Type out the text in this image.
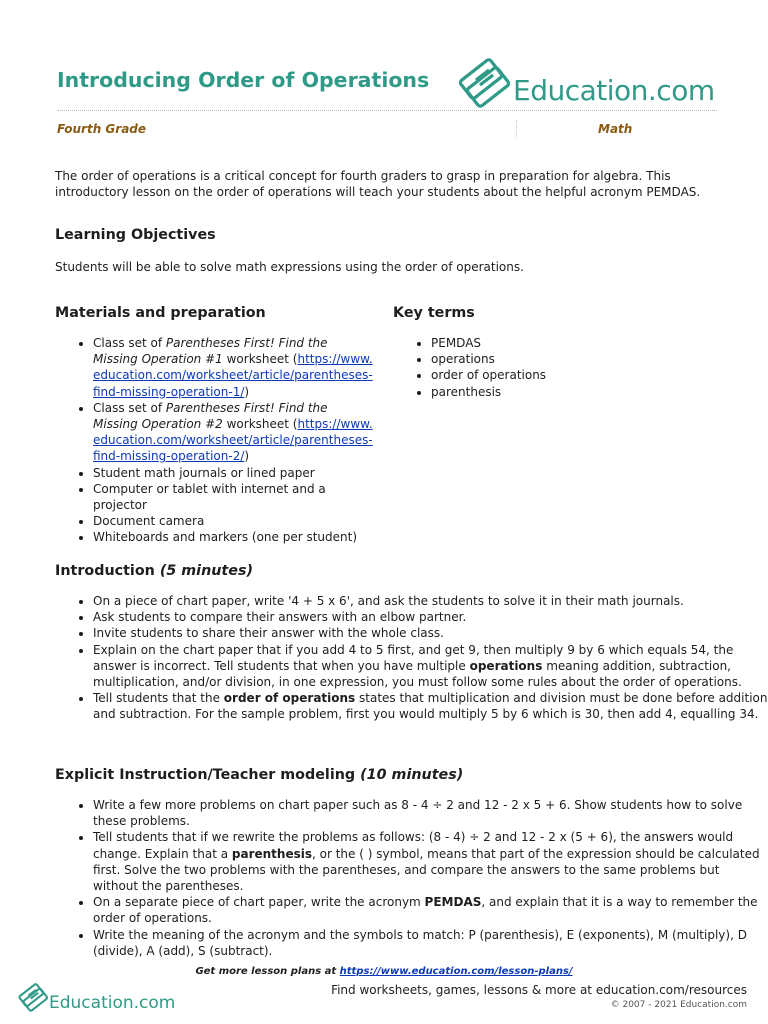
Introducing Order of Operations	Education.com
Fourth Grade	Math

The order of operations is a critical concept for fourth graders to grasp in preparation for algebra. This introductory lesson on the order of operations will teach your students about the helpful acronym PEMDAS.

Learning Objectives

Students will be able to solve math expressions using the order of operations.

Materials and preparation
• Class set of Parentheses First! Find the Missing Operation #1 worksheet (https://www.education.com/worksheet/article/parentheses-find-missing-operation-1/)
• Class set of Parentheses First! Find the Missing Operation #2 worksheet (https://www.education.com/worksheet/article/parentheses-find-missing-operation-2/)
• Student math journals or lined paper
• Computer or tablet with internet and a projector
• Document camera
• Whiteboards and markers (one per student)
Key terms
• PEMDAS
• operations
• order of operations
• parenthesis
Introduction (5 minutes)
• On a piece of chart paper, write '4 + 5 x 6', and ask the students to solve it in their math journals.
• Ask students to compare their answers with an elbow partner.
• Invite students to share their answer with the whole class.
• Explain on the chart paper that if you add 4 to 5 first, and get 9, then multiply 9 by 6 which equals 54, the answer is incorrect. Tell students that when you have multiple operations meaning addition, subtraction, multiplication, and/or division, in one expression, you must follow some rules about the order of operations.
• Tell students that the order of operations states that multiplication and division must be done before addition and subtraction. For the sample problem, first you would multiply 5 by 6 which is 30, then add 4, equalling 34.
Explicit Instruction/Teacher modeling (10 minutes)
• Write a few more problems on chart paper such as 8 - 4 ÷ 2 and 12 - 2 x 5 + 6. Show students how to solve these problems.
• Tell students that if we rewrite the problems as follows: (8 - 4) ÷ 2 and 12 - 2 x (5 + 6), the answers would change. Explain that a parenthesis, or the ( ) symbol, means that part of the expression should be calculated first. Solve the two problems with the parentheses, and compare the answers to the same problems but without the parentheses.
• On a separate piece of chart paper, write the acronym PEMDAS, and explain that it is a way to remember the order of operations.
• Write the meaning of the acronym and the symbols to match: P (parenthesis), E (exponents), M (multiply), D (divide), A (add), S (subtract).
Get more lesson plans at https://www.education.com/lesson-plans/
Find worksheets, games, lessons & more at education.com/resources
© 2007 - 2021 Education.com
Education.com
